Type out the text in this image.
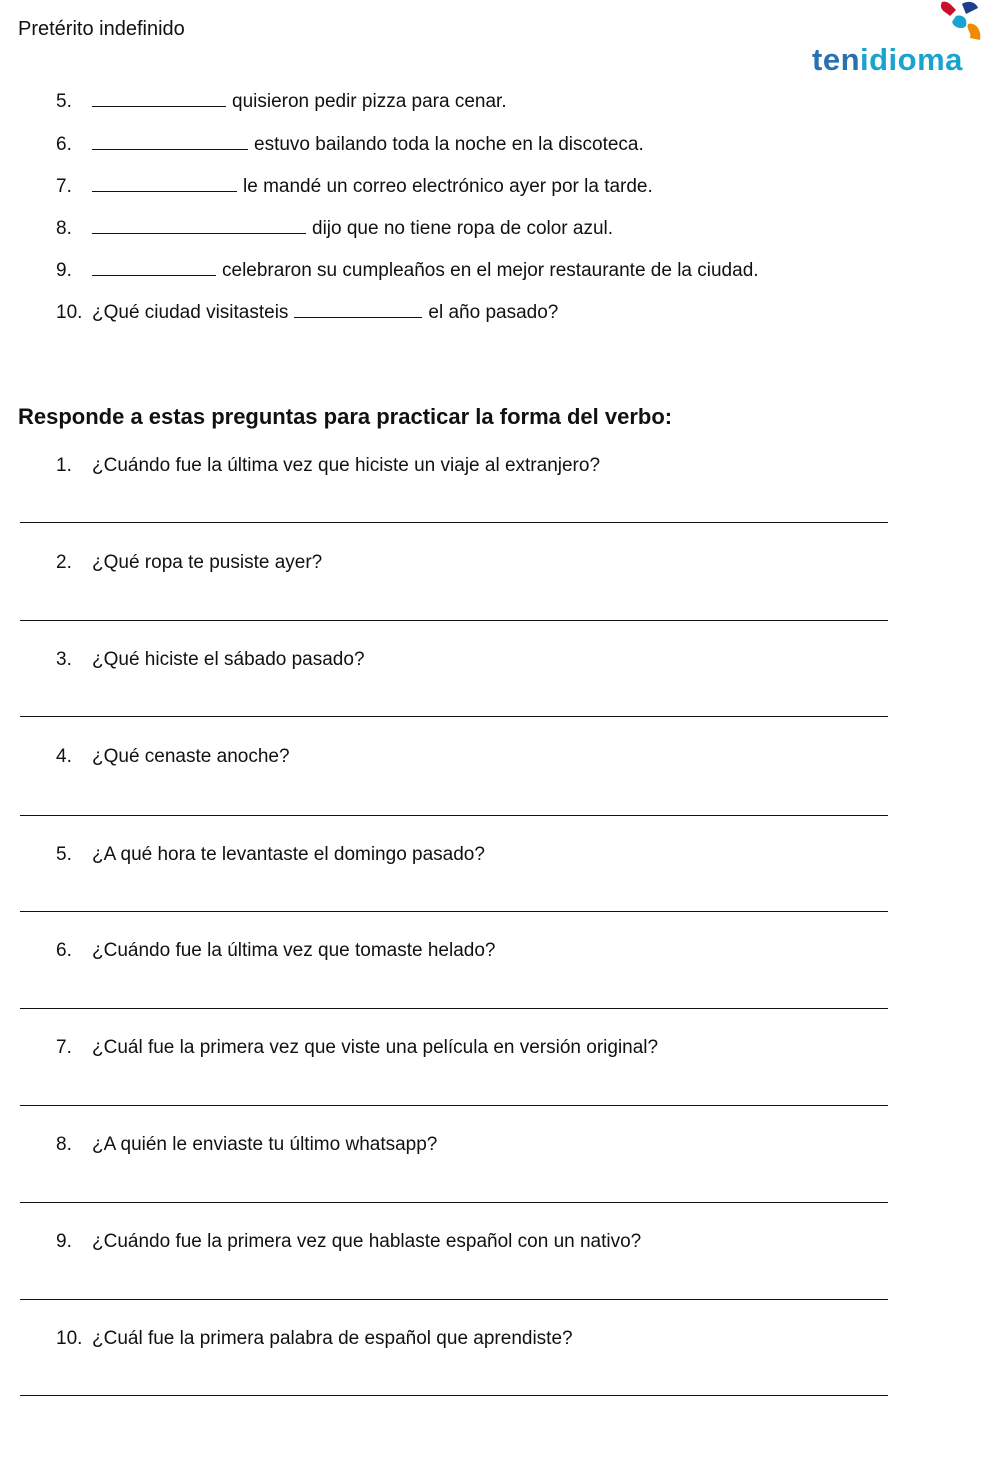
Pretérito indefinido
tenidioma
5.	quisieron pedir pizza para cenar.
6.	estuvo bailando toda la noche en la discoteca.
7.	le mandé un correo electrónico ayer por la tarde.
8.	dijo que no tiene ropa de color azul.
9.	celebraron su cumpleaños en el mejor restaurante de la ciudad.
10. ¿Qué ciudad visitasteis	el año pasado?
Responde a estas preguntas para practicar la forma del verbo:
1. ¿Cuándo fue la última vez que hiciste un viaje al extranjero?
2. ¿Qué ropa te pusiste ayer?
3. ¿Qué hiciste el sábado pasado?
4. ¿Qué cenaste anoche?
5. ¿A qué hora te levantaste el domingo pasado?
6. ¿Cuándo fue la última vez que tomaste helado?
7. ¿Cuál fue la primera vez que viste una película en versión original?
8. ¿A quién le enviaste tu último whatsapp?
9. ¿Cuándo fue la primera vez que hablaste español con un nativo?
10. ¿Cuál fue la primera palabra de español que aprendiste?
